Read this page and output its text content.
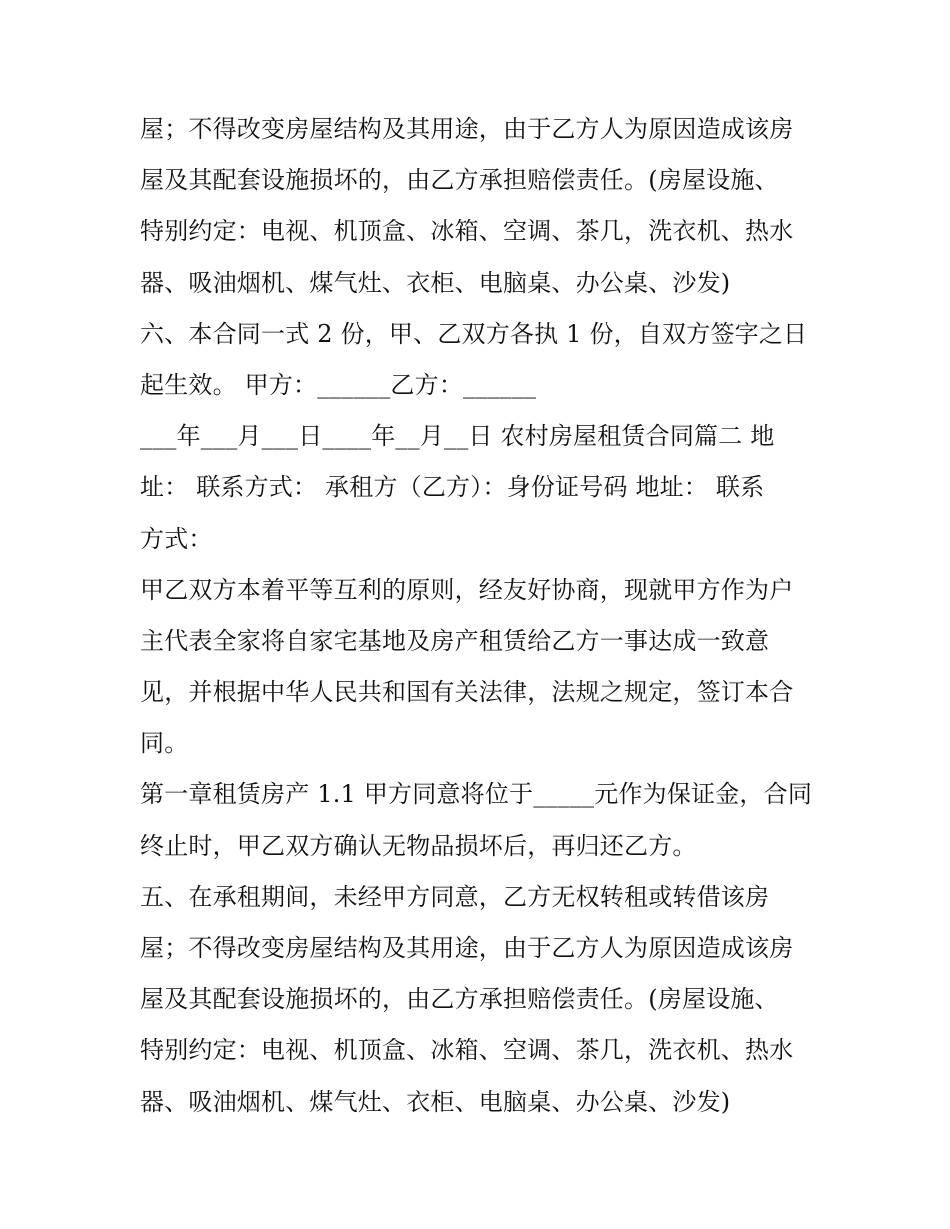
屋；不得改变房屋结构及其用途，由于乙方人为原因造成该房
屋及其配套设施损坏的，由乙方承担赔偿责任。(房屋设施、
特别约定：电视、机顶盒、冰箱、空调、茶几，洗衣机、热水
器、吸油烟机、煤气灶、衣柜、电脑桌、办公桌、沙发)
六、本合同一式 2 份，甲、乙双方各执 1 份，自双方签字之日
起生效。 甲方：______乙方：______
___年___月___日____年__月__日 农村房屋租赁合同篇二 地
址： 联系方式： 承租方（乙方）：身份证号码 地址： 联系
方式：
甲乙双方本着平等互利的原则，经友好协商，现就甲方作为户
主代表全家将自家宅基地及房产租赁给乙方一事达成一致意
见，并根据中华人民共和国有关法律，法规之规定，签订本合
同。
第一章租赁房产 1.1 甲方同意将位于_____元作为保证金，合同
终止时，甲乙双方确认无物品损坏后，再归还乙方。
五、在承租期间，未经甲方同意，乙方无权转租或转借该房
屋；不得改变房屋结构及其用途，由于乙方人为原因造成该房
屋及其配套设施损坏的，由乙方承担赔偿责任。(房屋设施、
特别约定：电视、机顶盒、冰箱、空调、茶几，洗衣机、热水
器、吸油烟机、煤气灶、衣柜、电脑桌、办公桌、沙发)
